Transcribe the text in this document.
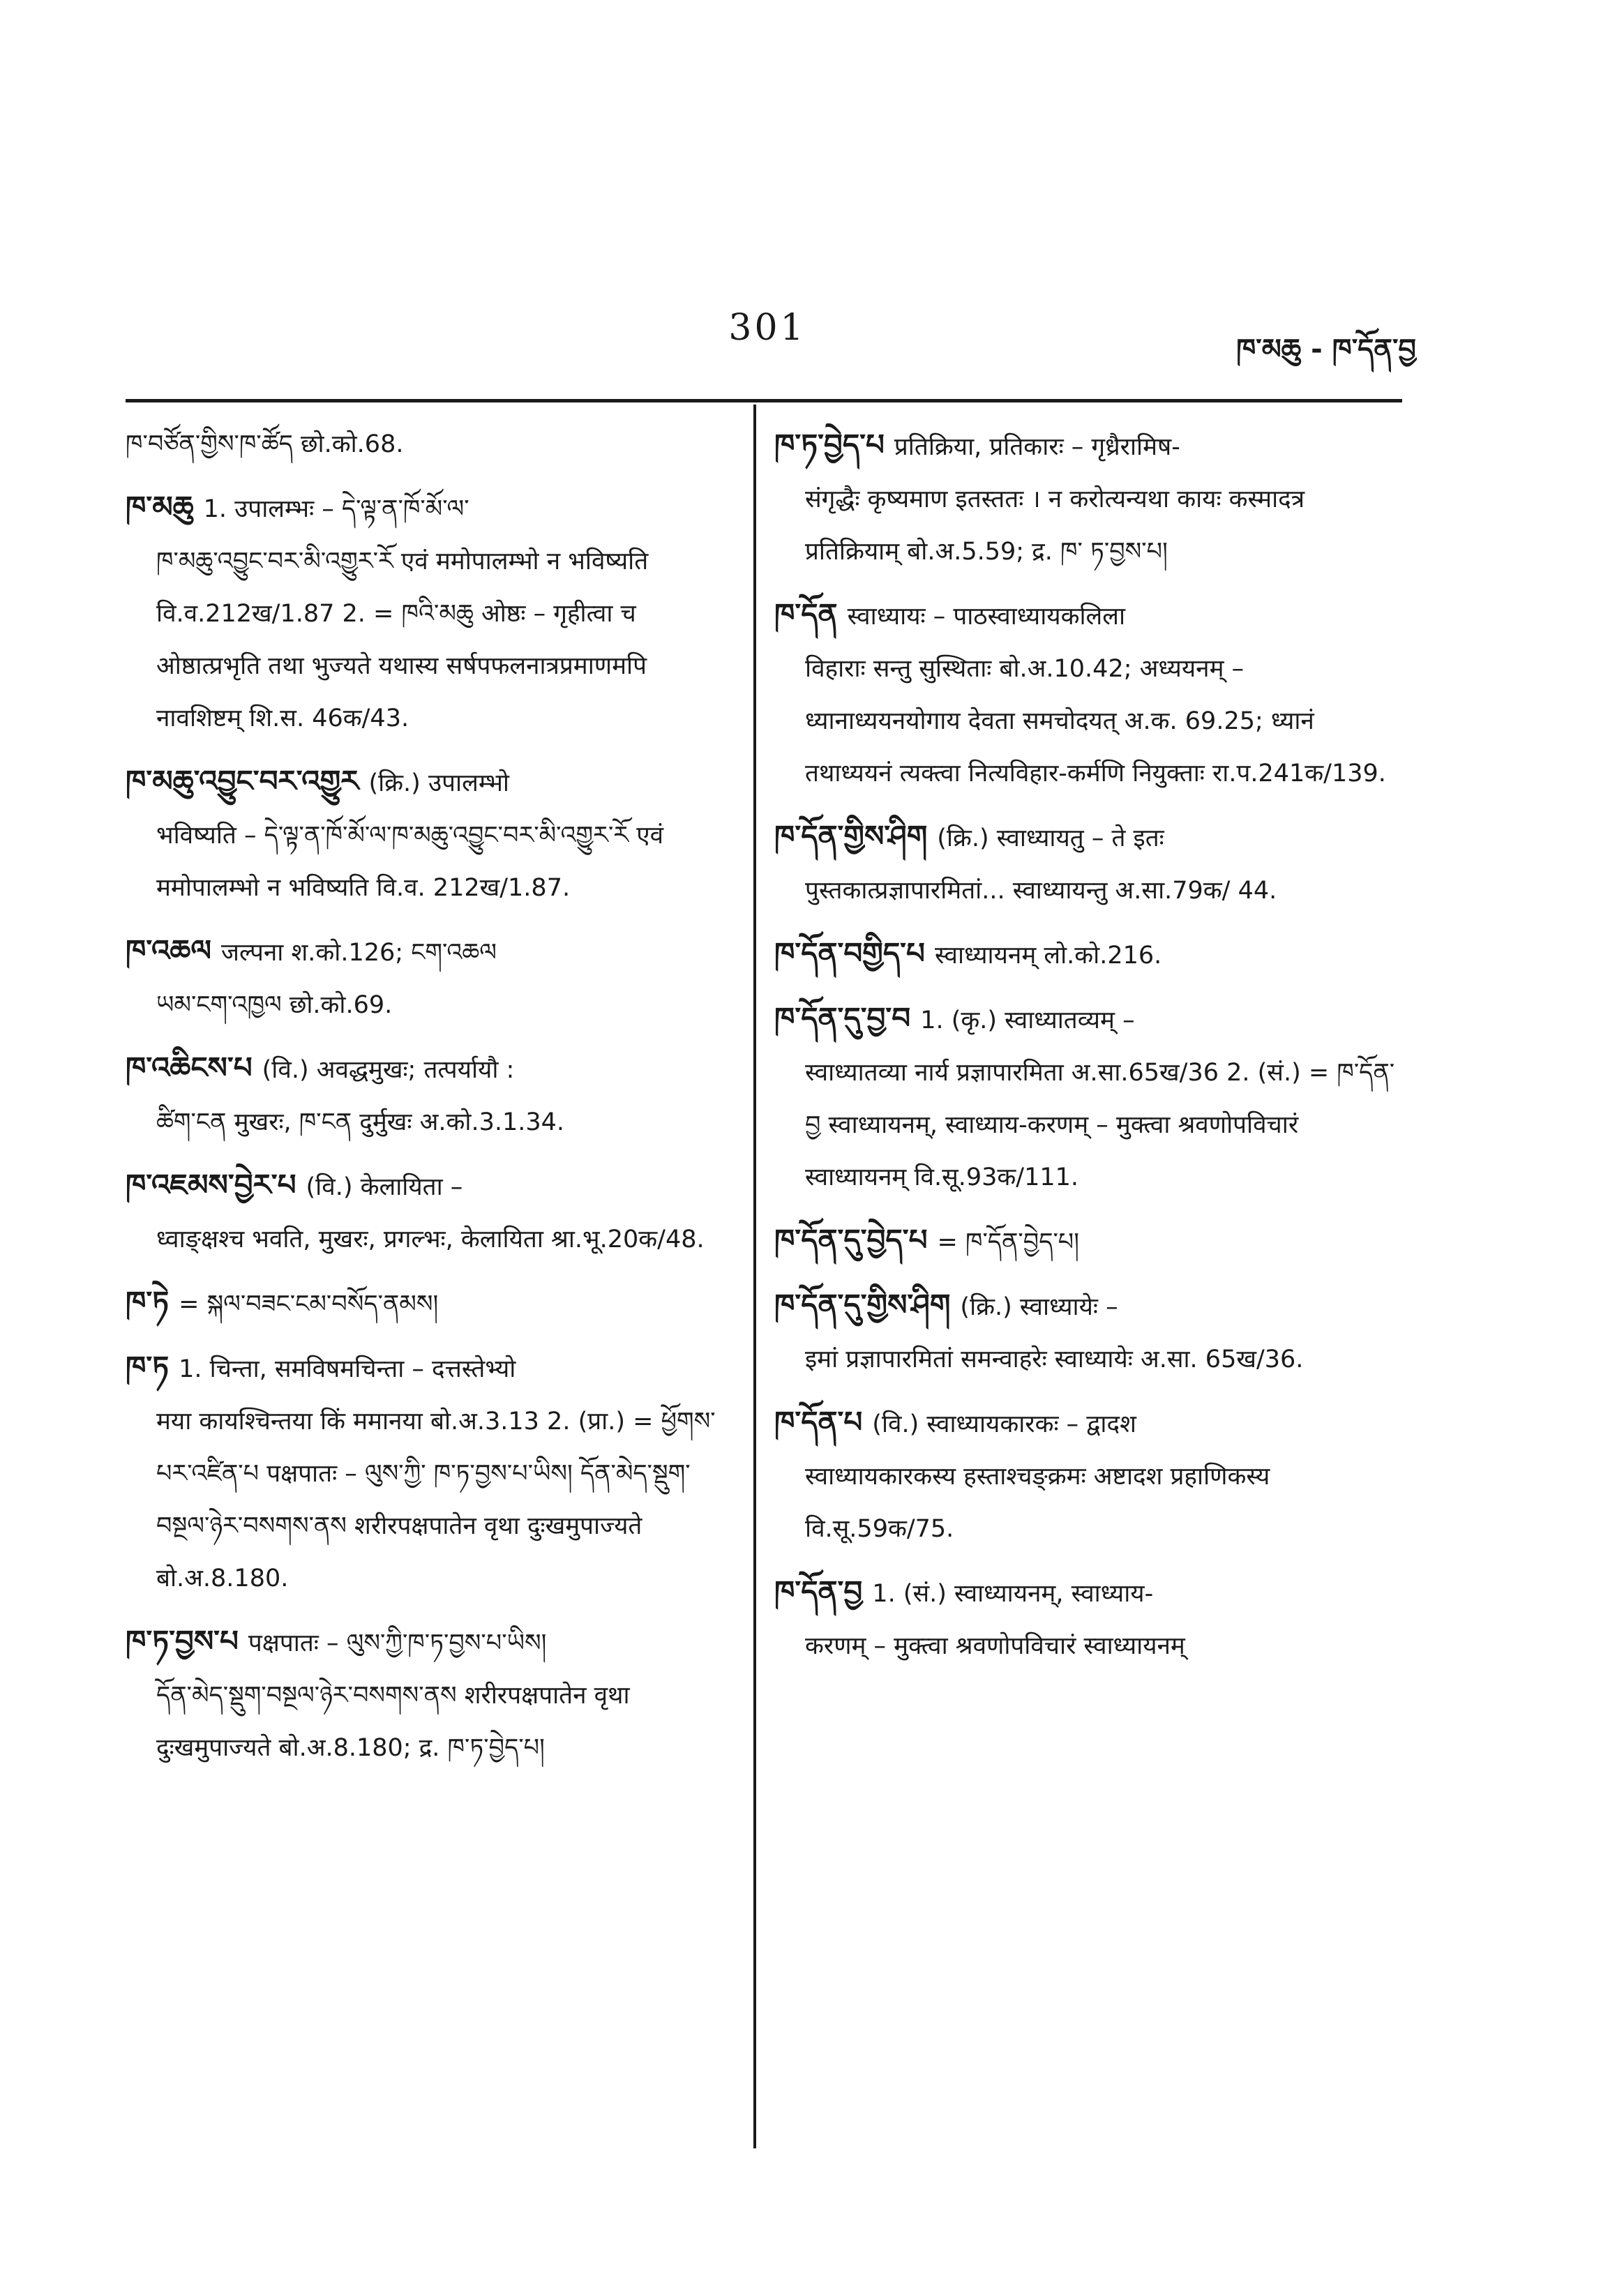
301
ཁ་མཆུ - ཁ་དོན་བྱ
ཁ་བཙོན་གྱིས་ཁ་ཚོད छो.को.68.
ཁ་མཆུ 1. उपालम्भः – དེ་ལྟ་ན་ཁོ་མོ་ལ་
ཁ་མཆུ་འབྱུང་བར་མི་འགྱུར་རོ एवं ममोपालम्भो न भविष्यति वि.व.212ख/1.87 2. = ཁའི་མཆུ ओष्ठः – गृहीत्वा च ओष्ठात्प्रभृति तथा भुज्यते यथास्य सर्षपफलनात्रप्रमाणमपि नावशिष्टम् शि.स. 46क/43.
ཁ་མཆུ་འབྱུང་བར་འགྱུར (क्रि.) उपालम्भो
भविष्यति – དེ་ལྟ་ན་ཁོ་མོ་ལ་ཁ་མཆུ་འབྱུང་བར་མི་འགྱུར་རོ एवं ममोपालम्भो न भविष्यति वि.व. 212ख/1.87.
ཁ་འཆལ जल्पना श.को.126; ངག་འཆལ
ཡམ་ངག་འཁྱལ छो.को.69.
ཁ་འཆིངས་པ (वि.) अवद्धमुखः; तत्पर्यायौ :
ཚིག་ངན मुखरः, ཁ་ངན दुर्मुखः अ.को.3.1.34.
ཁ་འཇམས་བྱེར་པ (वि.) केलायिता –
ध्वाङ्क्षश्च भवति, मुखरः, प्रगल्भः, केलायिता श्रा.भू.20क/48.
ཁ་ཏེ = སྐལ་བཟང་ངམ་བསོད་ནམས།
ཁ་ཏ 1. चिन्ता, समविषमचिन्ता – दत्तस्तेभ्यो
मया कायश्चिन्तया किं ममानया बो.अ.3.13 2. (प्रा.) = ཕྱོགས་པར་འཛིན་པ पक्षपातः – ལུས་ཀྱི་ ཁ་ཏ་བྱས་པ་ཡིས། དོན་མེད་སྡུག་བསྔལ་ཉེར་བསགས་ནས शरीरपक्षपातेन वृथा दुःखमुपाज्यते बो.अ.8.180.
ཁ་ཏ་བྱས་པ पक्षपातः – ལུས་ཀྱི་ཁ་ཏ་བྱས་པ་ཡིས།
དོན་མེད་སྡུག་བསྔལ་ཉེར་བསགས་ནས शरीरपक्षपातेन वृथा दुःखमुपाज्यते बो.अ.8.180; द्र. ཁ་ཏ་བྱེད་པ།
ཁ་ཏ་བྱེད་པ प्रतिक्रिया, प्रतिकारः – गृध्रैरामिष-
संगृद्धैः कृष्यमाण इतस्ततः । न करोत्यन्यथा कायः कस्मादत्र प्रतिक्रियाम् बो.अ.5.59; द्र. ཁ་ ཏ་བྱས་པ།
ཁ་དོན स्वाध्यायः – पाठस्वाध्यायकलिला
विहाराः सन्तु सुस्थिताः बो.अ.10.42; अध्ययनम् – ध्यानाध्ययनयोगाय देवता समचोदयत् अ.क. 69.25; ध्यानं तथाध्ययनं त्यक्त्वा नित्यविहार-कर्मणि नियुक्ताः रा.प.241क/139.
ཁ་དོན་གྱིས་ཤིག (क्रि.) स्वाध्यायतु – ते इतः
पुस्तकात्प्रज्ञापारमितां... स्वाध्यायन्तु अ.सा.79क/ 44.
ཁ་དོན་བགྱིད་པ स्वाध्यायनम् लो.को.216.
ཁ་དོན་དུ་བྱ་བ 1. (कृ.) स्वाध्यातव्यम् –
स्वाध्यातव्या नार्य प्रज्ञापारमिता अ.सा.65ख/36 2. (सं.) = ཁ་དོན་བྱ स्वाध्यायनम्, स्वाध्याय-करणम् – मुक्त्वा श्रवणोपविचारं स्वाध्यायनम् वि.सू.93क/111.
ཁ་དོན་དུ་བྱེད་པ = ཁ་དོན་བྱེད་པ།
ཁ་དོན་དུ་གྱིས་ཤིག (क्रि.) स्वाध्यायेः –
इमां प्रज्ञापारमितां समन्वाहरेः स्वाध्यायेः अ.सा. 65ख/36.
ཁ་དོན་པ (वि.) स्वाध्यायकारकः – द्वादश
स्वाध्यायकारकस्य हस्ताश्चङ्क्रमः अष्टादश प्रहाणिकस्य वि.सू.59क/75.
ཁ་དོན་བྱ 1. (सं.) स्वाध्यायनम्, स्वाध्याय-
करणम् – मुक्त्वा श्रवणोपविचारं स्वाध्यायनम्
